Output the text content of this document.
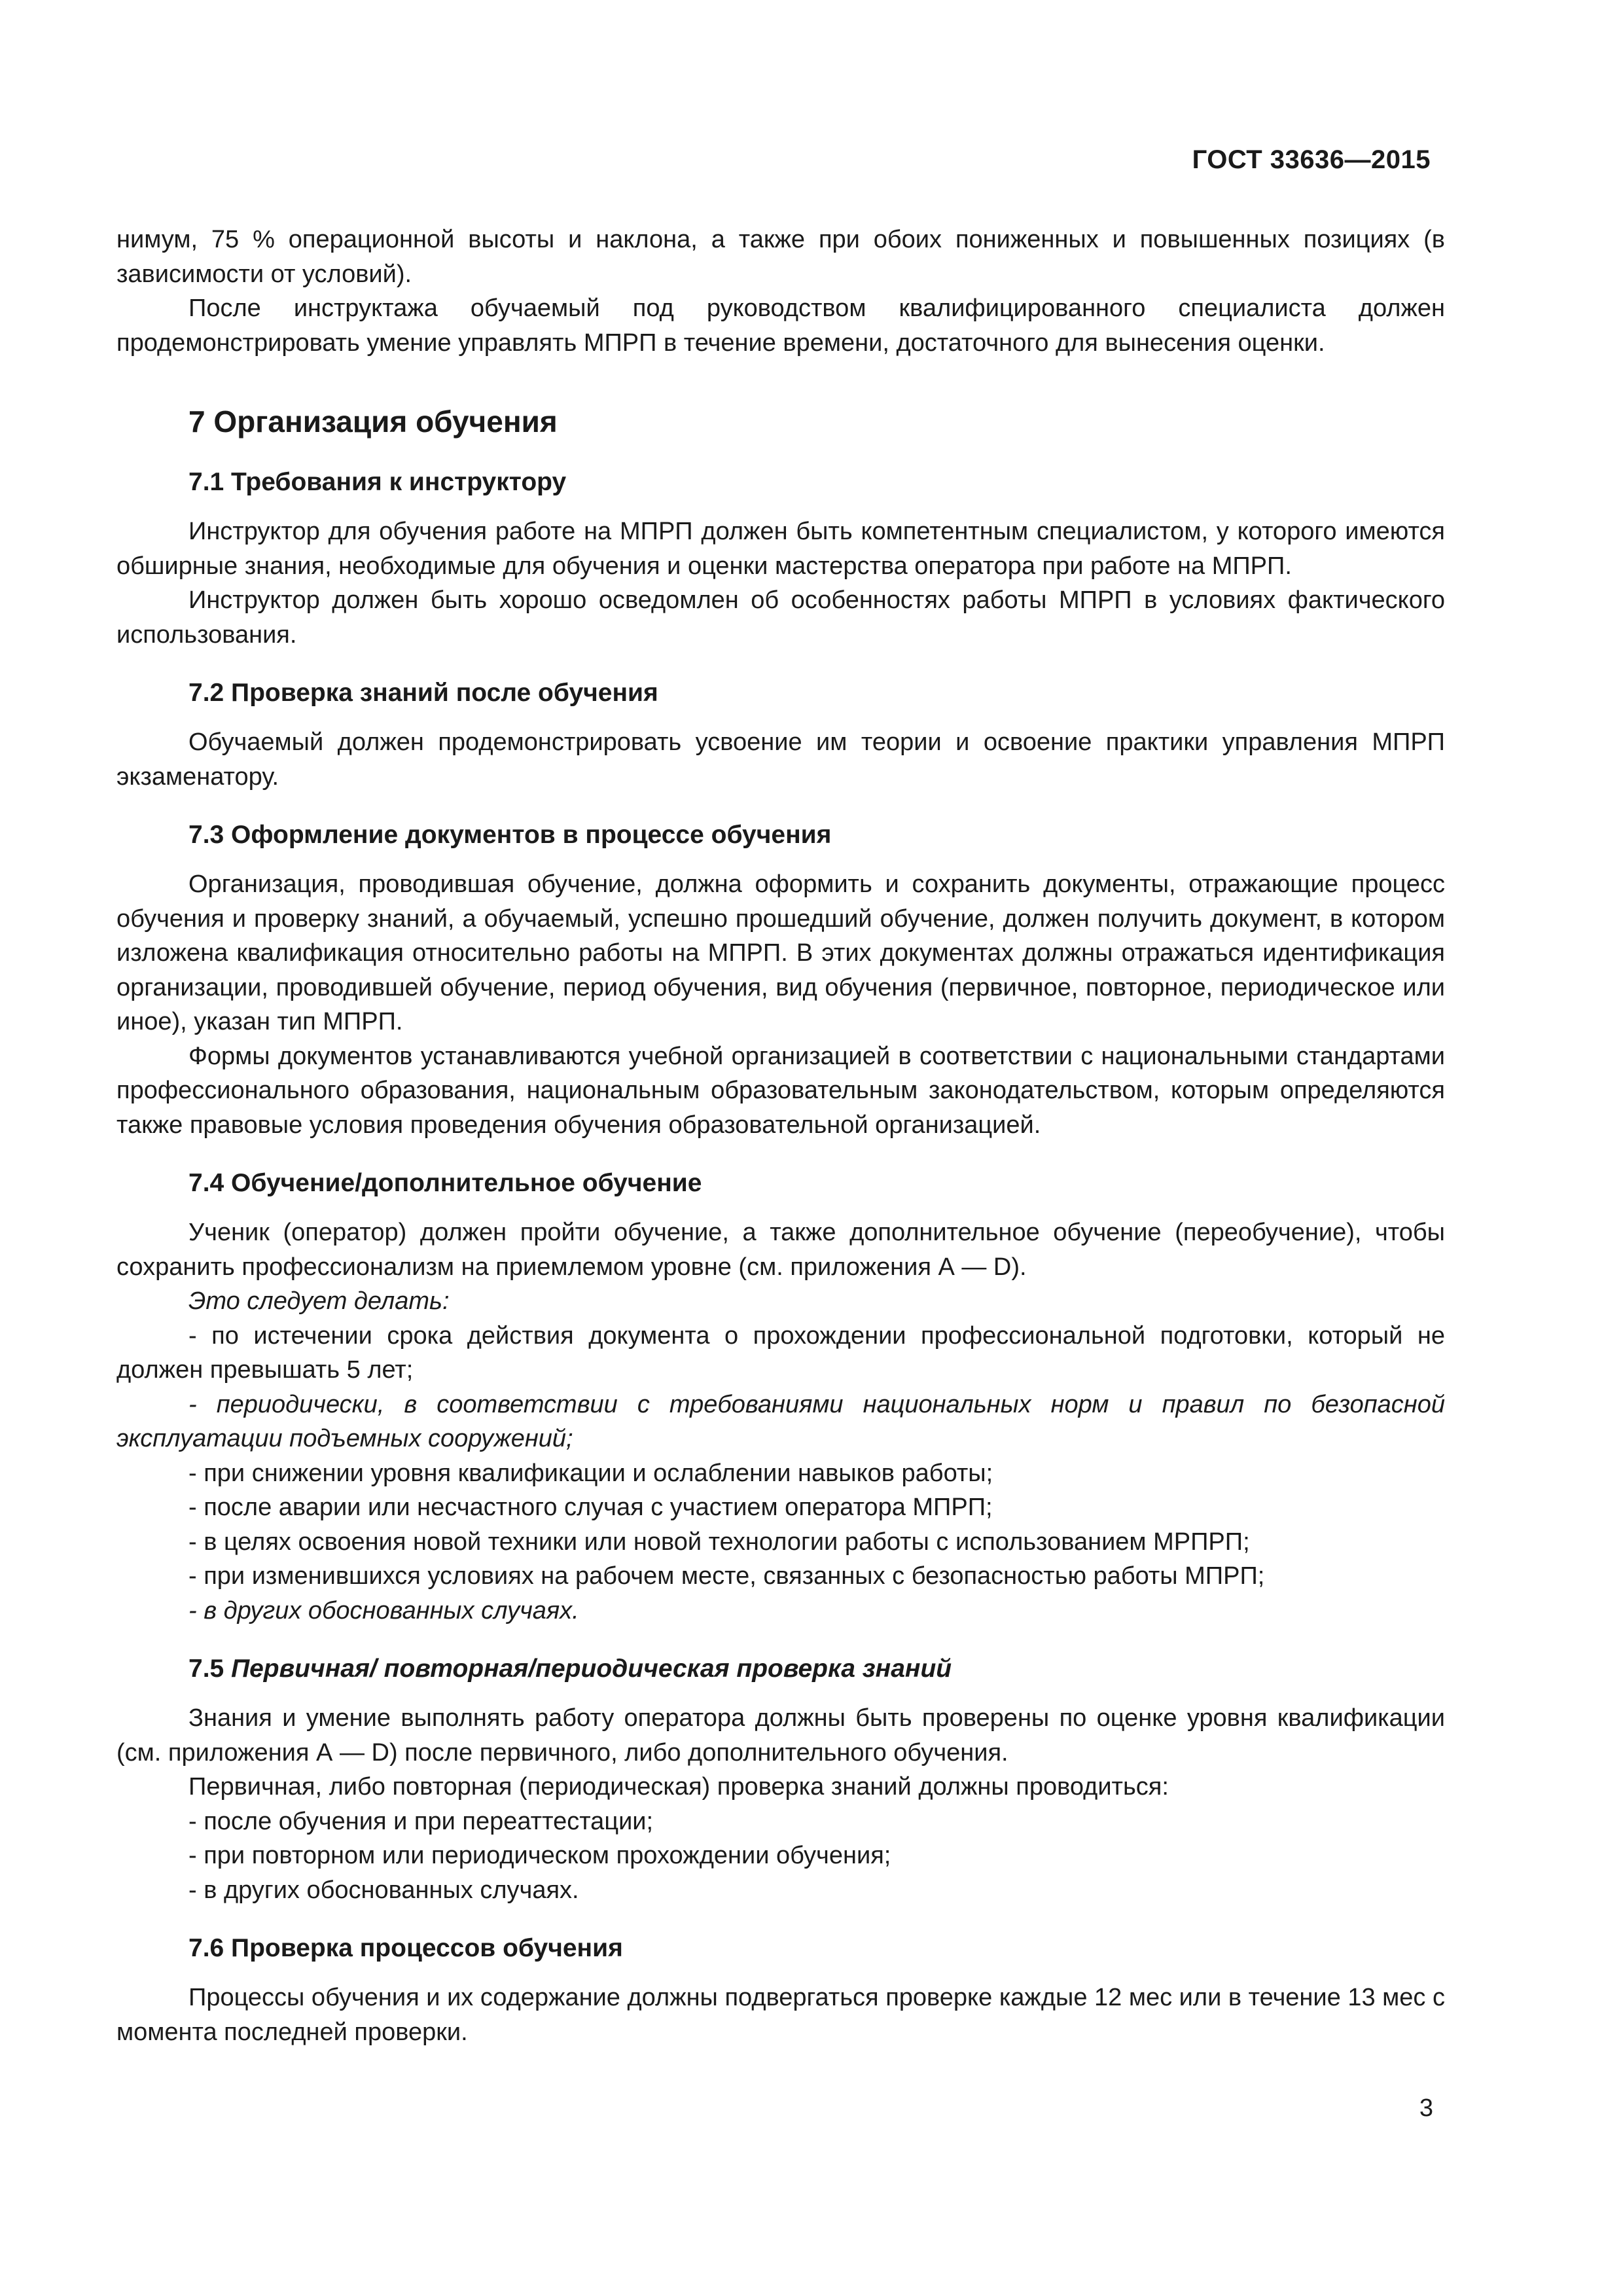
ГОСТ 33636—2015

нимум, 75 % операционной высоты и наклона, а также при обоих пониженных и повышенных позициях (в зависимости от условий).

После инструктажа обучаемый под руководством квалифицированного специалиста должен продемонстрировать умение управлять МПРП в течение времени, достаточного для вынесения оценки.

7 Организация обучения
7.1 Требования к инструктору

Инструктор для обучения работе на МПРП должен быть компетентным специалистом, у которого имеются обширные знания, необходимые для обучения и оценки мастерства оператора при работе на МПРП.

Инструктор должен быть хорошо осведомлен об особенностях работы МПРП в условиях фактического использования.

7.2 Проверка знаний после обучения

Обучаемый должен продемонстрировать усвоение им теории и освоение практики управления МПРП экзаменатору.

7.3 Оформление документов в процессе обучения

Организация, проводившая обучение, должна оформить и сохранить документы, отражающие процесс обучения и проверку знаний, а обучаемый, успешно прошедший обучение, должен получить документ, в котором изложена квалификация относительно работы на МПРП. В этих документах должны отражаться идентификация организации, проводившей обучение, период обучения, вид обучения (первичное, повторное, периодическое или иное), указан тип МПРП.

Формы документов устанавливаются учебной организацией в соответствии с национальными стандартами профессионального образования, национальным образовательным законодательством, которым определяются также правовые условия проведения обучения образовательной организацией.

7.4 Обучение/дополнительное обучение

Ученик (оператор) должен пройти обучение, а также дополнительное обучение (переобучение), чтобы сохранить профессионализм на приемлемом уровне (см. приложения А — D).

Это следует делать:

- по истечении срока действия документа о прохождении профессиональной подготовки, который не должен превышать 5 лет;

- периодически, в соответствии с требованиями национальных норм и правил по безопасной эксплуатации подъемных сооружений;

- при снижении уровня квалификации и ослаблении навыков работы;

- после аварии или несчастного случая с участием оператора МПРП;

- в целях освоения новой техники или новой технологии работы с использованием МРПРП;

- при изменившихся условиях на рабочем месте, связанных с безопасностью работы МПРП;

- в других обоснованных случаях.

7.5 Первичная/ повторная/периодическая проверка знаний

Знания и умение выполнять работу оператора должны быть проверены по оценке уровня квалификации (см. приложения А — D) после первичного, либо дополнительного обучения.

Первичная, либо повторная (периодическая) проверка знаний должны проводиться:

- после обучения и при переаттестации;

- при повторном или периодическом прохождении обучения;

- в других обоснованных случаях.

7.6 Проверка процессов обучения

Процессы обучения и их содержание должны подвергаться проверке каждые 12 мес или в течение 13 мес с момента последней проверки.

3
